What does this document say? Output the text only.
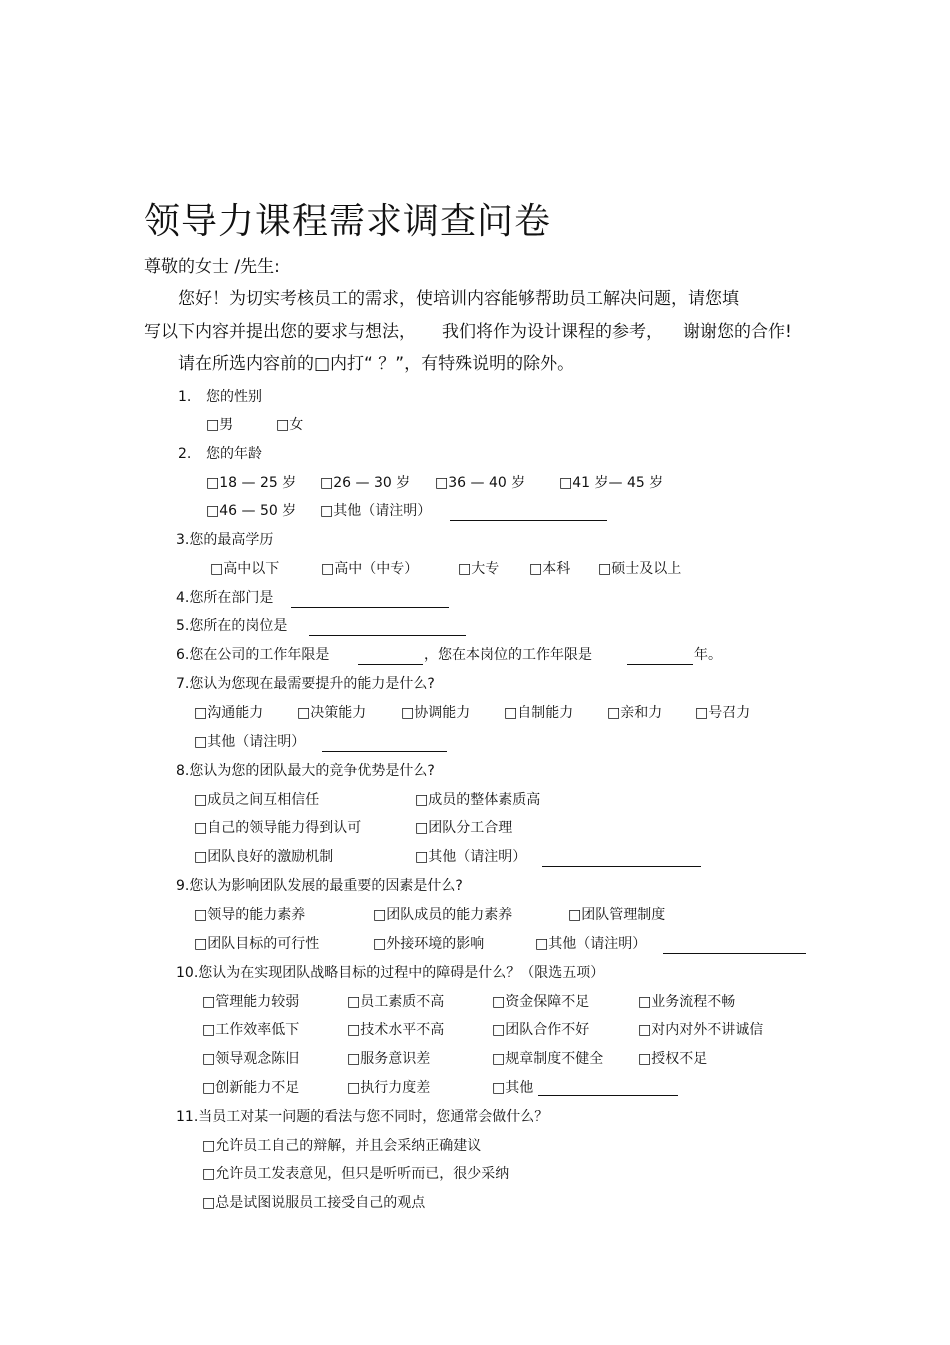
领导力课程需求调查问卷
尊敬的女士 /先生:
您好！为切实考核员工的需求，使培训内容能够帮助员工解决问题，请您填
写以下内容并提出您的要求与想法， 我们将作为设计课程的参考， 谢谢您的合作!
请在所选内容前的□内打“ ？”，有特殊说明的除外。
1. 您的性别
□男	□女
2. 您的年龄
□18 — 25 岁 □26 — 30 岁 □36 — 40 岁 □41 岁— 45 岁
□46 — 50 岁 □其他（请注明）
3.您的最高学历
□高中以下	□高中（中专）	□大专 □本科 □硕士及以上
4.您所在部门是
5.您所在的岗位是
6.您在公司的工作年限是	，您在本岗位的工作年限是	年。
7.您认为您现在最需要提升的能力是什么?
□沟通能力 □决策能力 □协调能力 □自制能力 □亲和力 □号召力
□其他（请注明）
8.您认为您的团队最大的竞争优势是什么?
□成员之间互相信任	□成员的整体素质高
□自己的领导能力得到认可	□团队分工合理
□团队良好的激励机制	□其他（请注明）
9.您认为影响团队发展的最重要的因素是什么?
□领导的能力素养	□团队成员的能力素养	□团队管理制度
□团队目标的可行性	□外接环境的影响	□其他（请注明）
10.您认为在实现团队战略目标的过程中的障碍是什么？（限选五项）
□管理能力较弱	□员工素质不高	□资金保障不足	□业务流程不畅
□工作效率低下	□技术水平不高	□团队合作不好	□对内对外不讲诚信
□领导观念陈旧	□服务意识差	□规章制度不健全 □授权不足
□创新能力不足	□执行力度差	□其他
11.当员工对某一问题的看法与您不同时，您通常会做什么？
□允许员工自己的辩解，并且会采纳正确建议
□允许员工发表意见，但只是听听而已，很少采纳
□总是试图说服员工接受自己的观点
